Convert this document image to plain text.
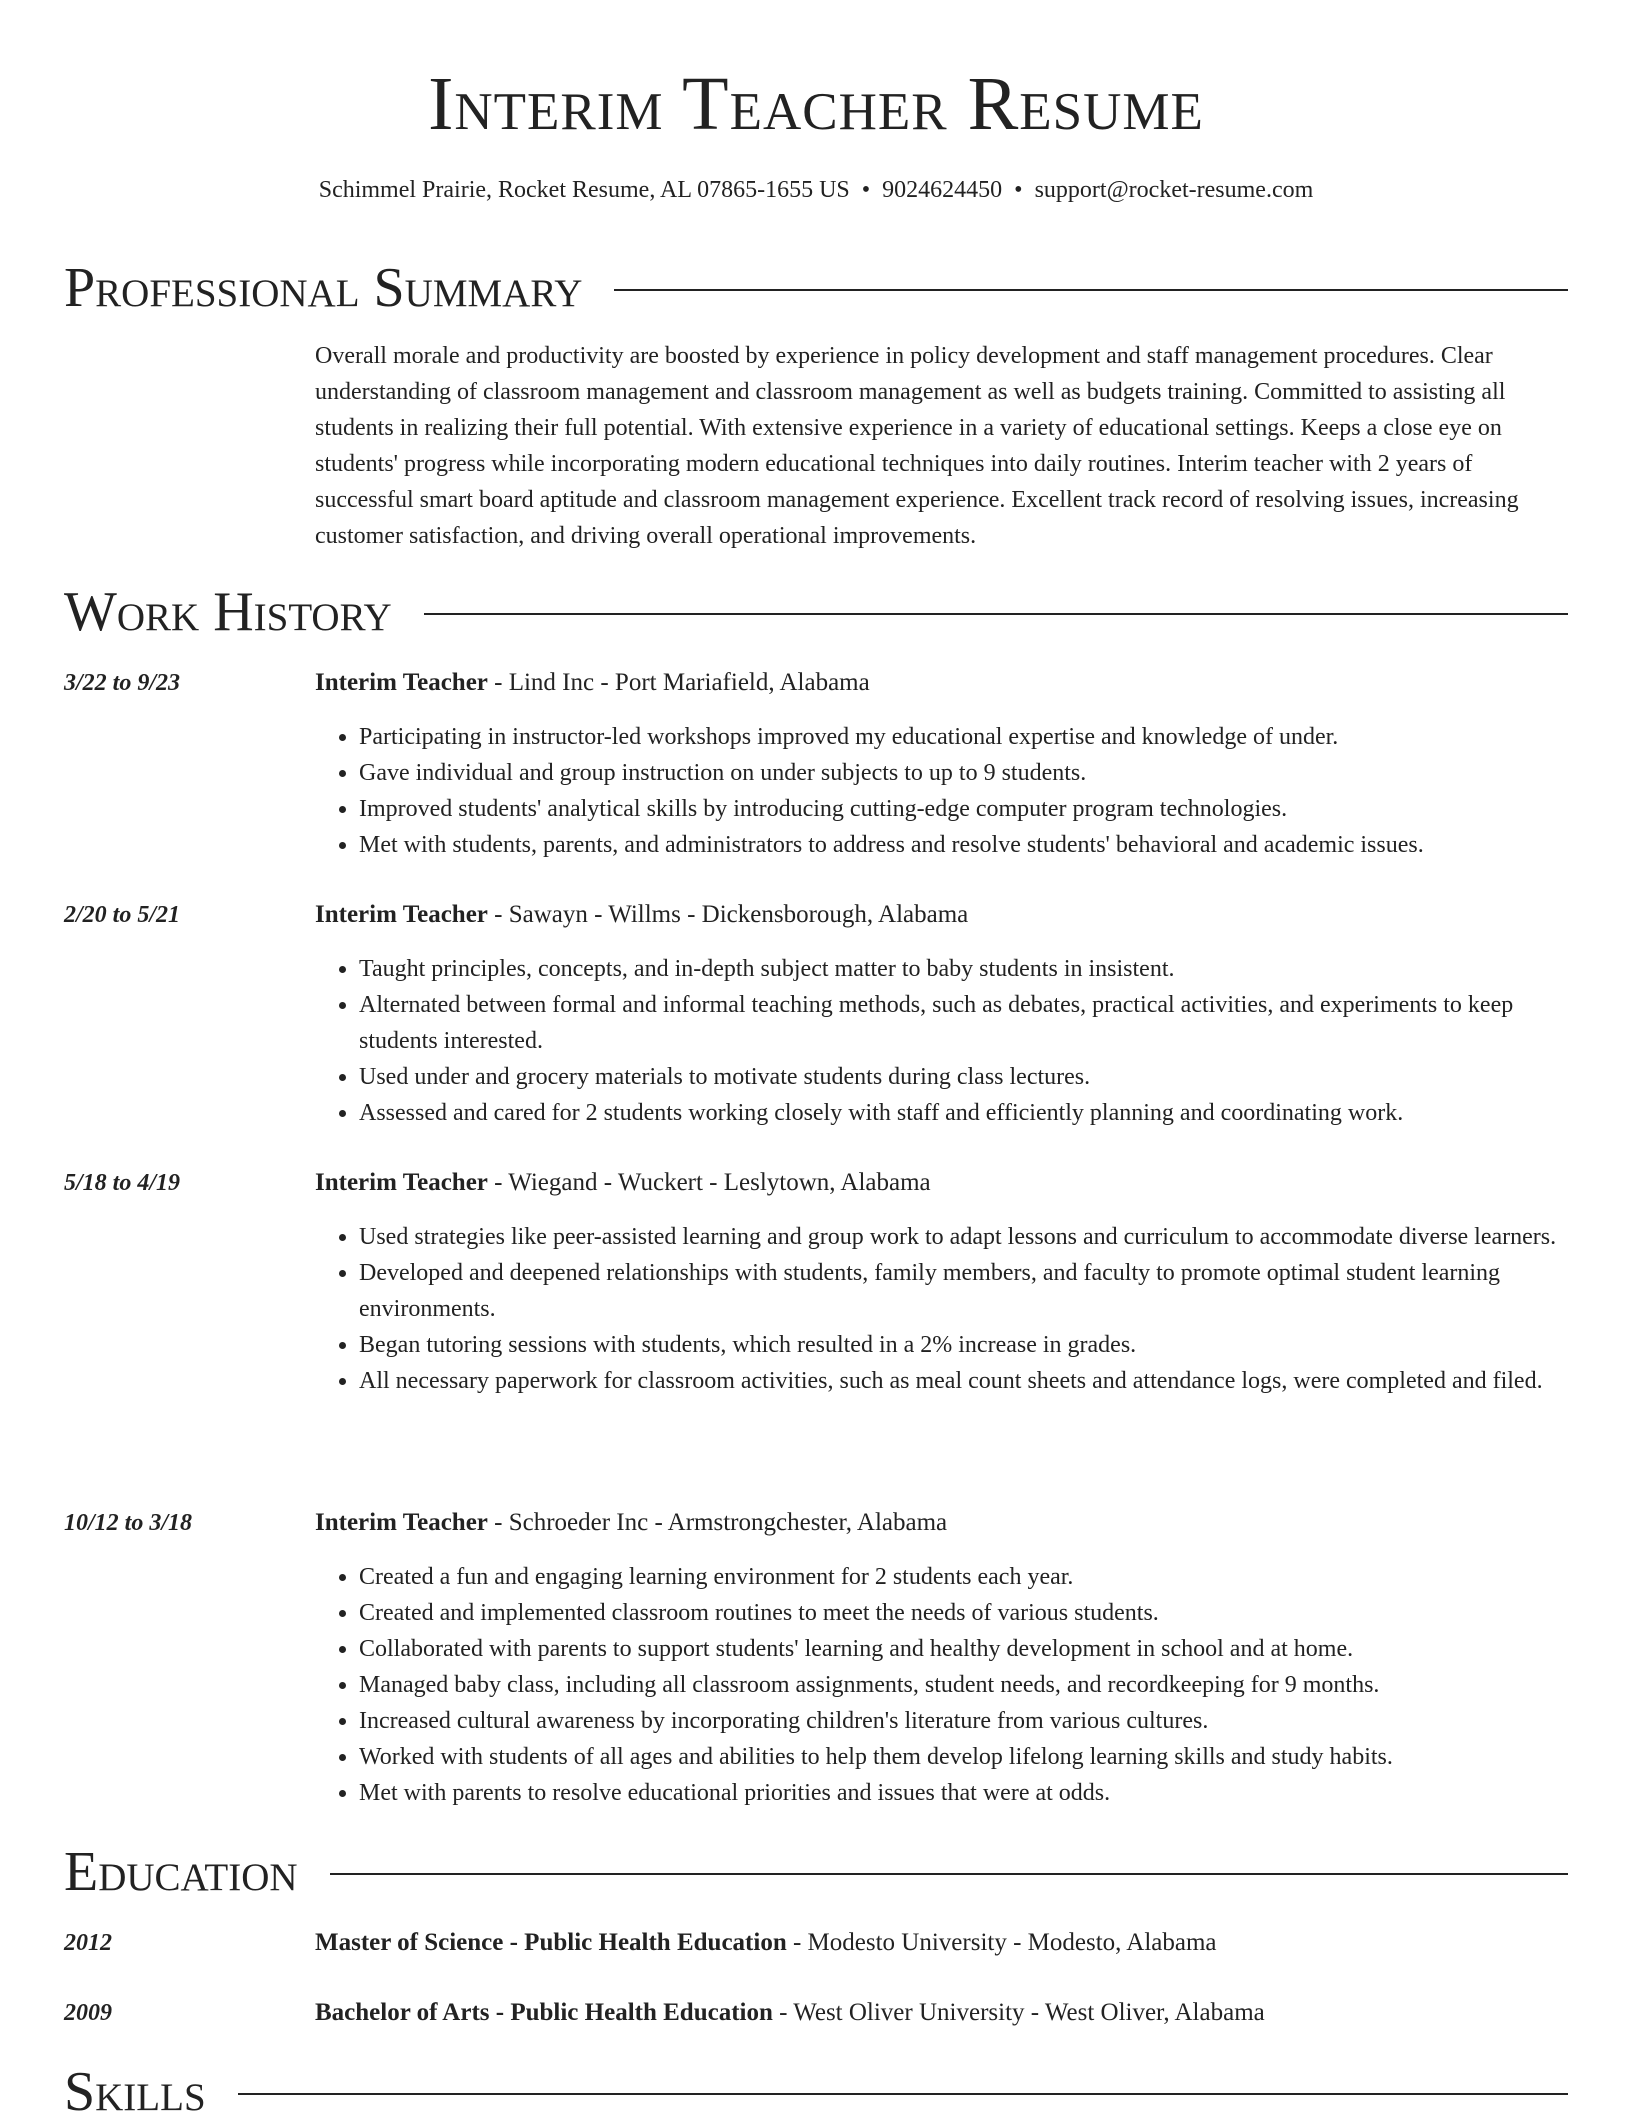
Interim Teacher Resume
Schimmel Prairie, Rocket Resume, AL 07865-1655 US • 9024624450 • support@rocket-resume.com
Professional Summary

Overall morale and productivity are boosted by experience in policy development and staff management procedures. Clear understanding of classroom management and classroom management as well as budgets training. Committed to assisting all students in realizing their full potential. With extensive experience in a variety of educational settings. Keeps a close eye on students' progress while incorporating modern educational techniques into daily routines. Interim teacher with 2 years of successful smart board aptitude and classroom management experience. Excellent track record of resolving issues, increasing customer satisfaction, and driving overall operational improvements.

Work History
3/22 to 9/23	Interim Teacher - Lind Inc - Port Mariafield, Alabama

• Participating in instructor-led workshops improved my educational expertise and knowledge of under.
• Gave individual and group instruction on under subjects to up to 9 students.
• Improved students' analytical skills by introducing cutting-edge computer program technologies.
• Met with students, parents, and administrators to address and resolve students' behavioral and academic issues.
2/20 to 5/21	Interim Teacher - Sawayn - Willms - Dickensborough, Alabama

• Taught principles, concepts, and in-depth subject matter to baby students in insistent.
• Alternated between formal and informal teaching methods, such as debates, practical activities, and experiments to keep students interested.
• Used under and grocery materials to motivate students during class lectures.
• Assessed and cared for 2 students working closely with staff and efficiently planning and coordinating work.
5/18 to 4/19	Interim Teacher - Wiegand - Wuckert - Leslytown, Alabama

• Used strategies like peer-assisted learning and group work to adapt lessons and curriculum to accommodate diverse learners.
• Developed and deepened relationships with students, family members, and faculty to promote optimal student learning environments.
• Began tutoring sessions with students, which resulted in a 2% increase in grades.
• All necessary paperwork for classroom activities, such as meal count sheets and attendance logs, were completed and filed.
10/12 to 3/18	Interim Teacher - Schroeder Inc - Armstrongchester, Alabama

• Created a fun and engaging learning environment for 2 students each year.
• Created and implemented classroom routines to meet the needs of various students.
• Collaborated with parents to support students' learning and healthy development in school and at home.
• Managed baby class, including all classroom assignments, student needs, and recordkeeping for 9 months.
• Increased cultural awareness by incorporating children's literature from various cultures.
• Worked with students of all ages and abilities to help them develop lifelong learning skills and study habits.
• Met with parents to resolve educational priorities and issues that were at odds.
Education
2012	Master of Science - Public Health Education - Modesto University - Modesto, Alabama

2009	Bachelor of Arts - Public Health Education - West Oliver University - West Oliver, Alabama

Skills
